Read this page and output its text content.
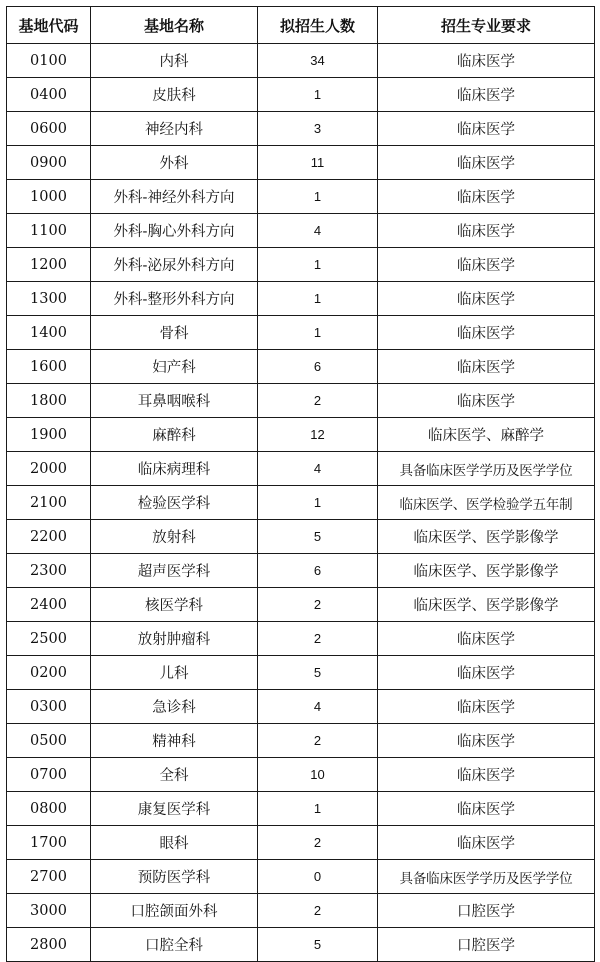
基地代码	基地名称	拟招生人数	招生专业要求
0100	内科	34	临床医学
0400	皮肤科	1	临床医学
0600	神经内科	3	临床医学
0900	外科	11	临床医学
1000	外科-神经外科方向	1	临床医学
1100	外科-胸心外科方向	4	临床医学
1200	外科-泌尿外科方向	1	临床医学
1300	外科-整形外科方向	1	临床医学
1400	骨科	1	临床医学
1600	妇产科	6	临床医学
1800	耳鼻咽喉科	2	临床医学
1900	麻醉科	12	临床医学、麻醉学
2000	临床病理科	4	具备临床医学学历及医学学位
2100	检验医学科	1	临床医学、医学检验学五年制
2200	放射科	5	临床医学、医学影像学
2300	超声医学科	6	临床医学、医学影像学
2400	核医学科	2	临床医学、医学影像学
2500	放射肿瘤科	2	临床医学
0200	儿科	5	临床医学
0300	急诊科	4	临床医学
0500	精神科	2	临床医学
0700	全科	10	临床医学
0800	康复医学科	1	临床医学
1700	眼科	2	临床医学
2700	预防医学科	0	具备临床医学学历及医学学位
3000	口腔颌面外科	2	口腔医学
2800	口腔全科	5	口腔医学
